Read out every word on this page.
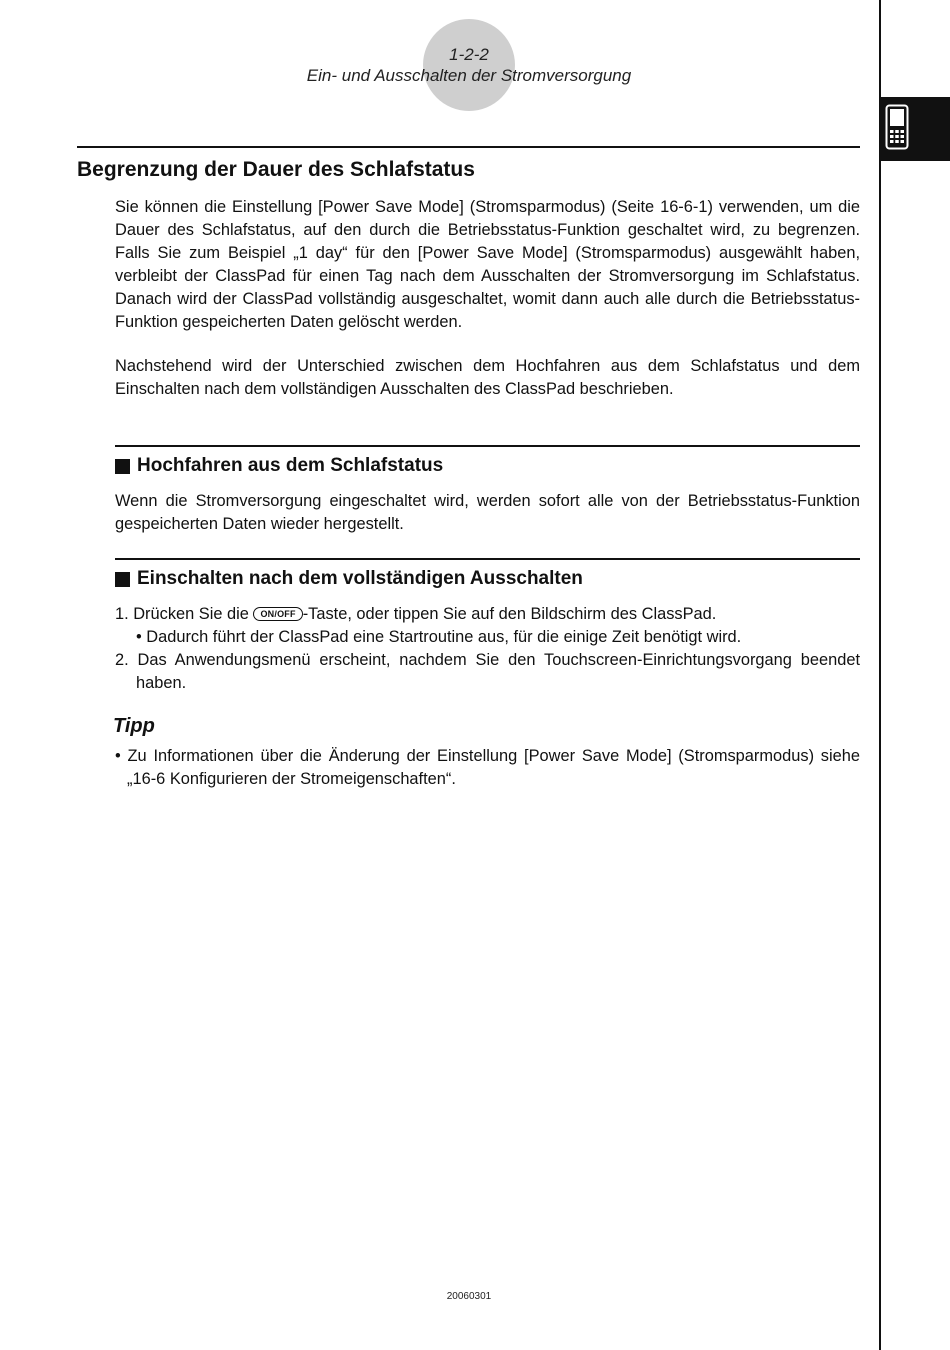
1-2-2
Ein- und Ausschalten der Stromversorgung
Begrenzung der Dauer des Schlafstatus

Sie können die Einstellung [Power Save Mode] (Stromsparmodus) (Seite 16-6-1) verwenden, um die Dauer des Schlafstatus, auf den durch die Betriebsstatus-Funktion geschaltet wird, zu begrenzen. Falls Sie zum Beispiel „1 day“ für den [Power Save Mode] (Stromsparmodus) ausgewählt haben, verbleibt der ClassPad für einen Tag nach dem Ausschalten der Stromversorgung im Schlafstatus. Danach wird der ClassPad vollständig ausgeschaltet, womit dann auch alle durch die Betriebsstatus-Funktion gespeicherten Daten gelöscht werden.

Nachstehend wird der Unterschied zwischen dem Hochfahren aus dem Schlafstatus und dem Einschalten nach dem vollständigen Ausschalten des ClassPad beschrieben.

Hochfahren aus dem Schlafstatus

Wenn die Stromversorgung eingeschaltet wird, werden sofort alle von der Betriebsstatus-Funktion gespeicherten Daten wieder hergestellt.

Einschalten nach dem vollständigen Ausschalten

1. Drücken Sie die ON/OFF -Taste, oder tippen Sie auf den Bildschirm des ClassPad.

• Dadurch führt der ClassPad eine Startroutine aus, für die einige Zeit benötigt wird.

2. Das Anwendungsmenü erscheint, nachdem Sie den Touchscreen-Einrichtungsvorgang beendet haben.

Tipp

• Zu Informationen über die Änderung der Einstellung [Power Save Mode] (Stromsparmodus) siehe „16-6 Konfigurieren der Stromeigenschaften“.

20060301
